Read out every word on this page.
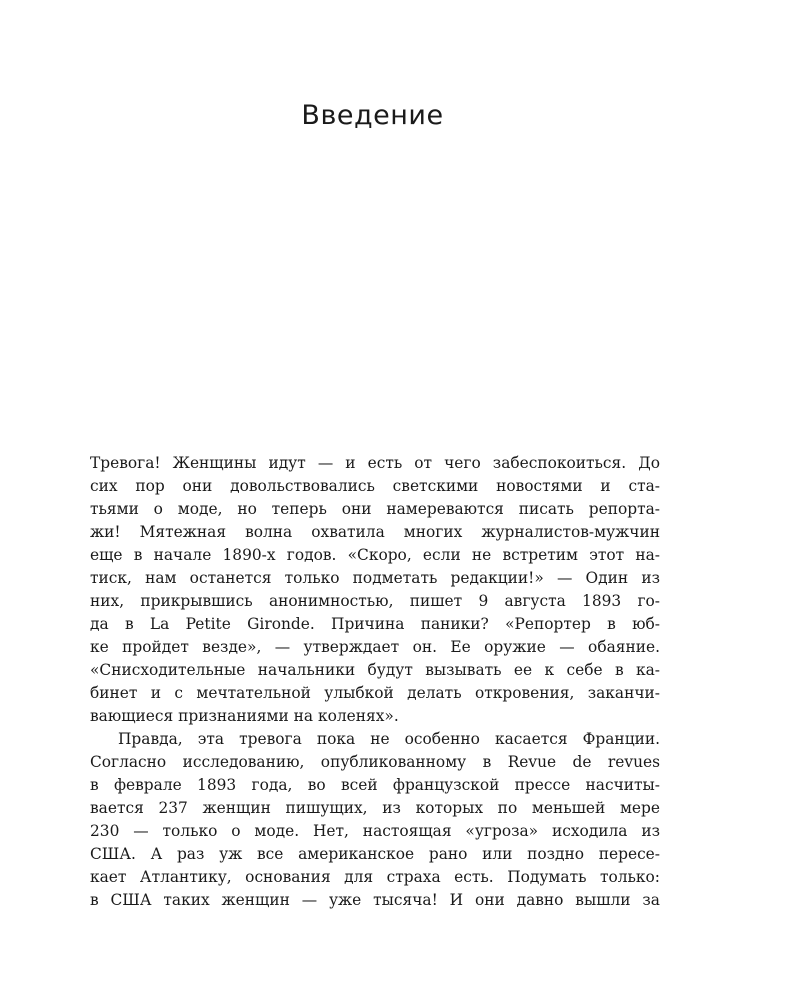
Введение
Тревога! Женщины идут — и есть от чего забеспокоиться. До
сих пор они довольствовались светскими новостями и ста-
тьями о моде, но теперь они намереваются писать репорта-
жи! Мятежная волна охватила многих журналистов-мужчин
еще в начале 1890-х годов. «Скоро, если не встретим этот на-
тиск, нам останется только подметать редакции!» — Один из
них, прикрывшись анонимностью, пишет 9 августа 1893 го-
да в La Petite Gironde. Причина паники? «Репортер в юб-
ке пройдет везде», — утверждает он. Ее оружие — обаяние.
«Снисходительные начальники будут вызывать ее к себе в ка-
бинет и с мечтательной улыбкой делать откровения, заканчи-
вающиеся признаниями на коленях».
Правда, эта тревога пока не особенно касается Франции.
Согласно исследованию, опубликованному в Revue de revues
в феврале 1893 года, во всей французской прессе насчиты-
вается 237 женщин пишущих, из которых по меньшей мере
230 — только о моде. Нет, настоящая «угроза» исходила из
США. А раз уж все американское рано или поздно пересе-
кает Атлантику, основания для страха есть. Подумать только:
в США таких женщин — уже тысяча! И они давно вышли за
